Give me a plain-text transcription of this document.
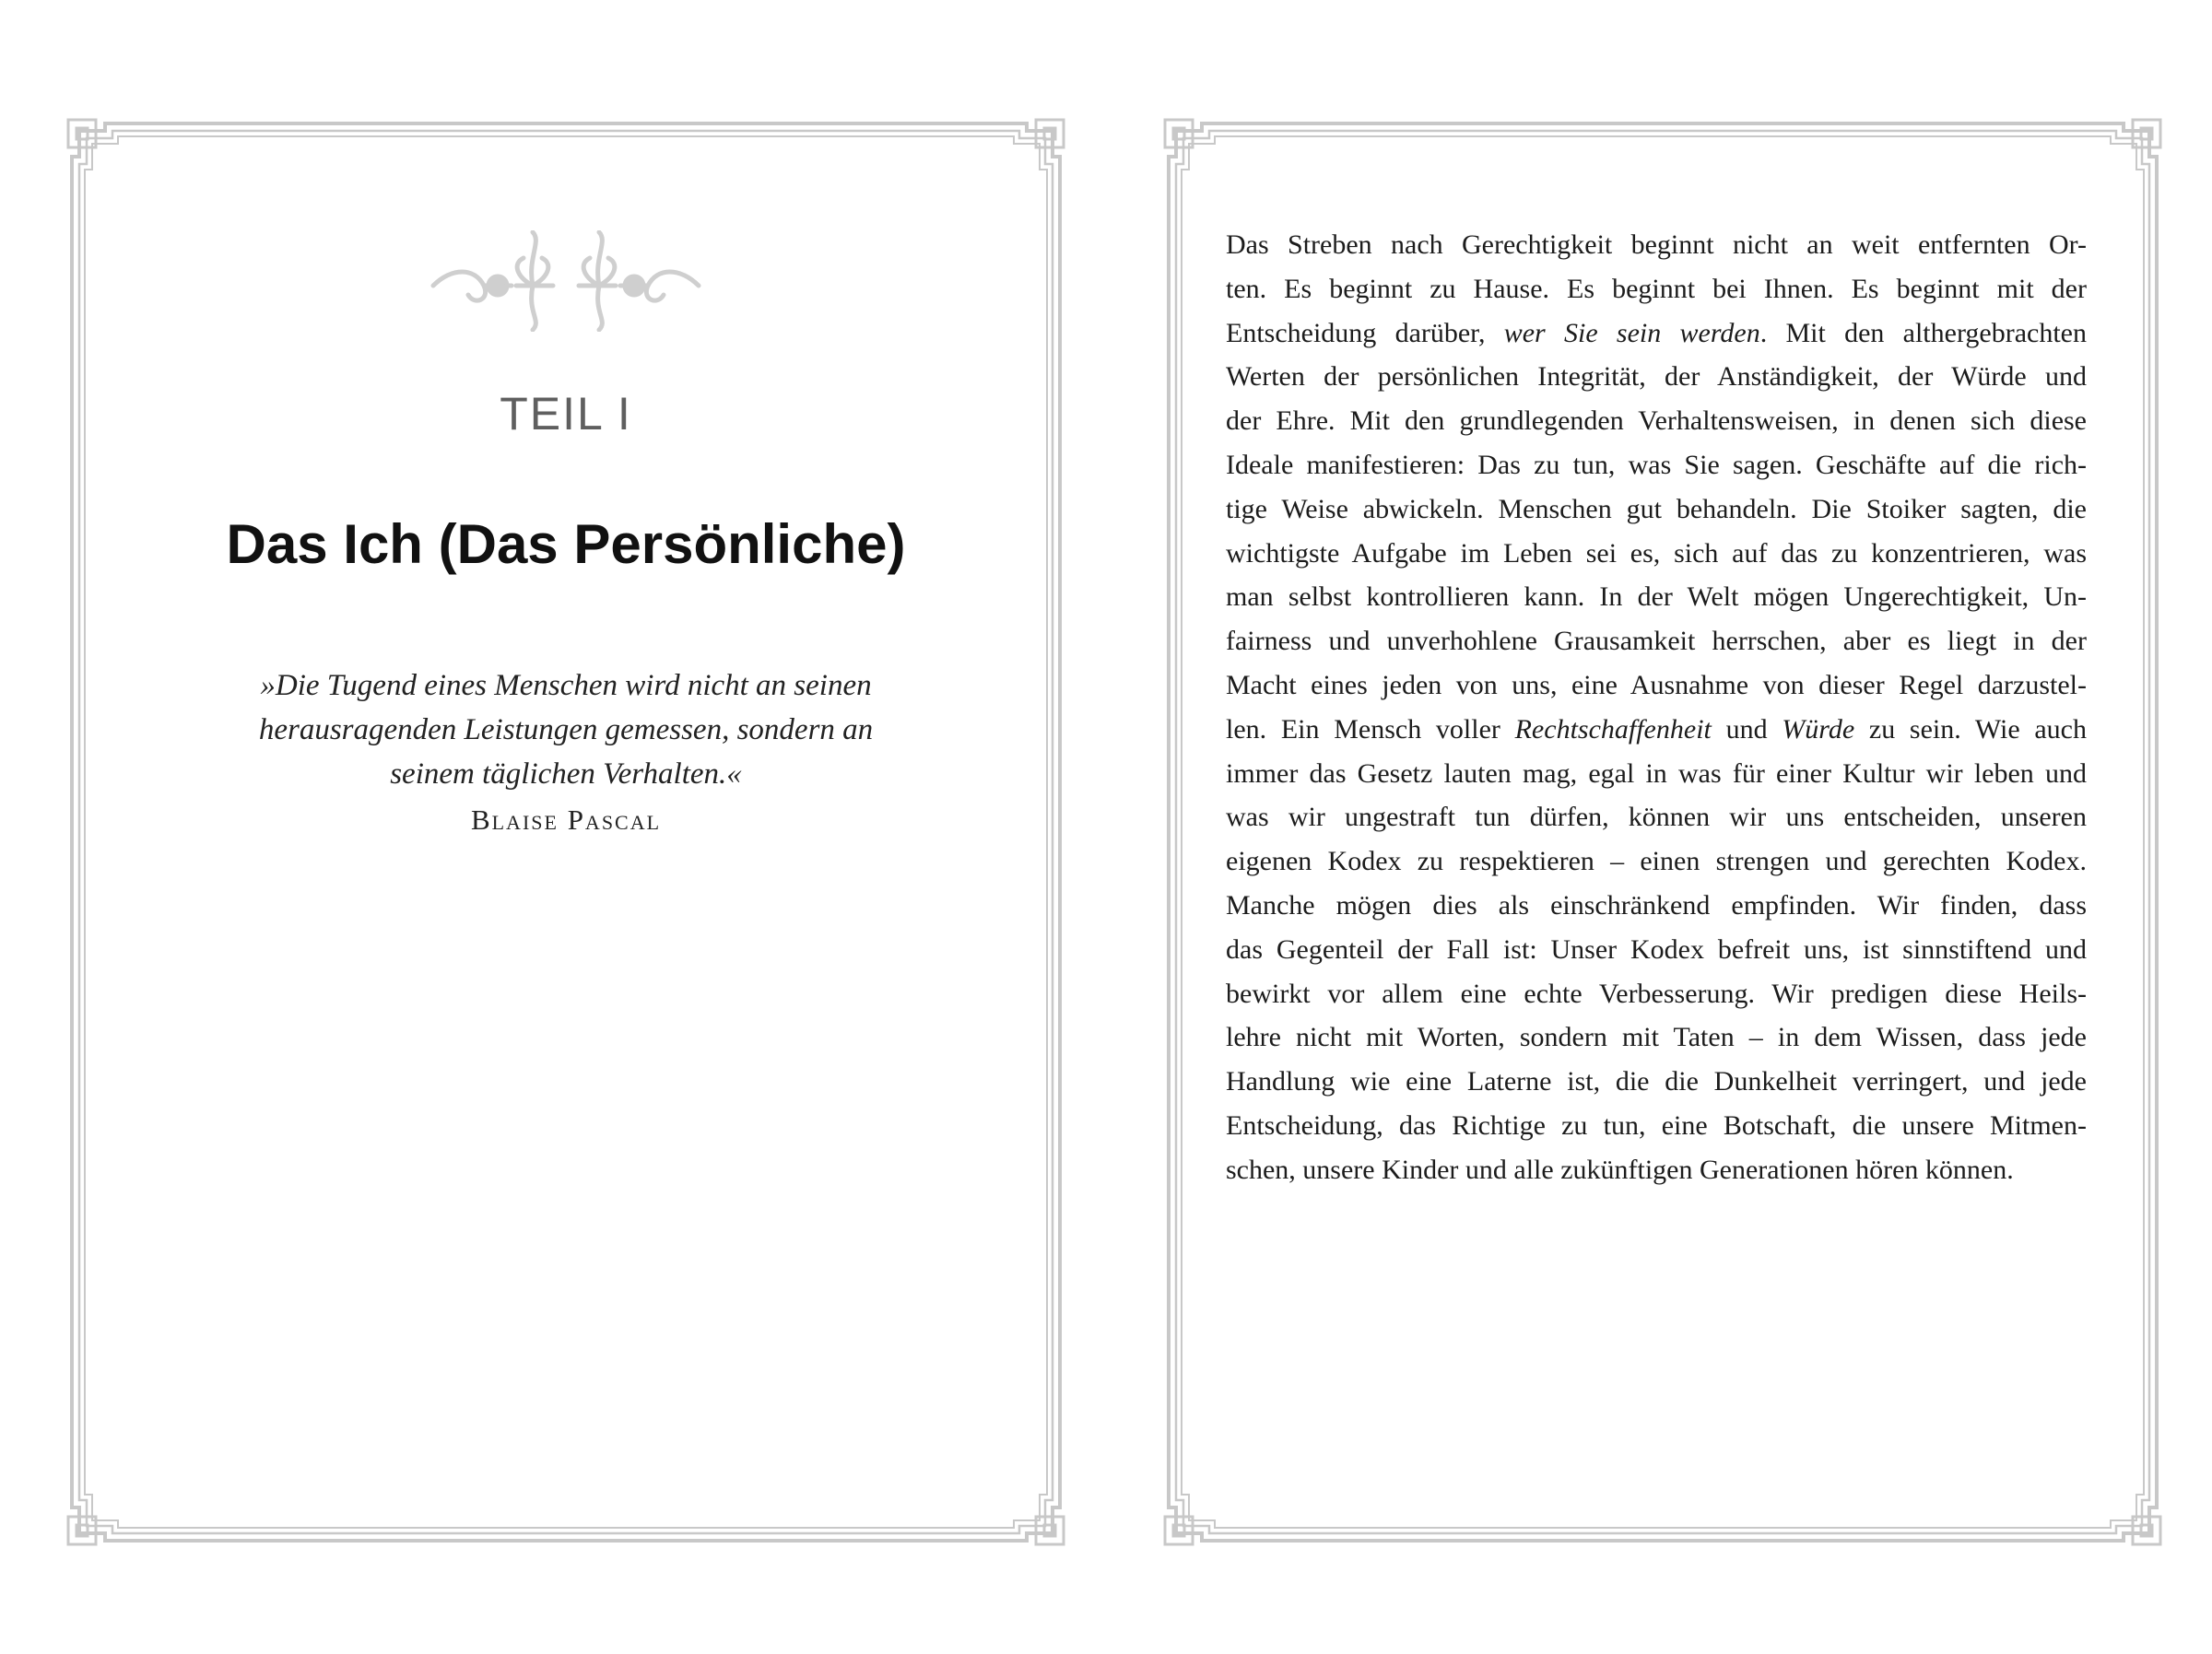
TEIL I
Das Ich (Das Persönliche)
»Die Tugend eines Menschen wird nicht an seinen
herausragenden Leistungen gemessen, sondern an
seinem täglichen Verhalten.«
Blaise Pascal
Das Streben nach Gerechtigkeit beginnt nicht an weit entfernten Or-
ten. Es beginnt zu Hause. Es beginnt bei Ihnen. Es beginnt mit der
Entscheidung darüber, wer Sie sein werden. Mit den althergebrachten
Werten der persönlichen Integrität, der Anständigkeit, der Würde und
der Ehre. Mit den grundlegenden Verhaltensweisen, in denen sich diese
Ideale manifestieren: Das zu tun, was Sie sagen. Geschäfte auf die rich-
tige Weise abwickeln. Menschen gut behandeln. Die Stoiker sagten, die
wichtigste Aufgabe im Leben sei es, sich auf das zu konzentrieren, was
man selbst kontrollieren kann. In der Welt mögen Ungerechtigkeit, Un-
fairness und unverhohlene Grausamkeit herrschen, aber es liegt in der
Macht eines jeden von uns, eine Ausnahme von dieser Regel darzustel-
len. Ein Mensch voller Rechtschaffenheit und Würde zu sein. Wie auch
immer das Gesetz lauten mag, egal in was für einer Kultur wir leben und
was wir ungestraft tun dürfen, können wir uns entscheiden, unseren
eigenen Kodex zu respektieren – einen strengen und gerechten Kodex.
Manche mögen dies als einschränkend empfinden. Wir finden, dass
das Gegenteil der Fall ist: Unser Kodex befreit uns, ist sinnstiftend und
bewirkt vor allem eine echte Verbesserung. Wir predigen diese Heils-
lehre nicht mit Worten, sondern mit Taten – in dem Wissen, dass jede
Handlung wie eine Laterne ist, die die Dunkelheit verringert, und jede
Entscheidung, das Richtige zu tun, eine Botschaft, die unsere Mitmen-
schen, unsere Kinder und alle zukünftigen Generationen hören können.
